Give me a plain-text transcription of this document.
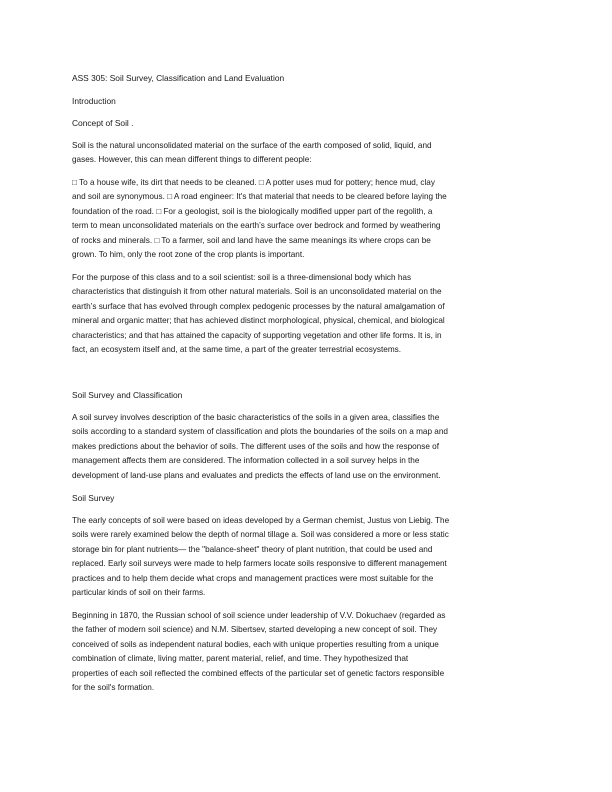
ASS 305: Soil Survey, Classification and Land Evaluation
Introduction
Concept of Soil .
Soil is the natural unconsolidated material on the surface of the earth composed of solid, liquid, and
gases. However, this can mean different things to different people:
□ To a house wife, its dirt that needs to be cleaned. □ A potter uses mud for pottery; hence mud, clay
and soil are synonymous. □ A road engineer: It's that material that needs to be cleared before laying the
foundation of the road. □ For a geologist, soil is the biologically modified upper part of the regolith, a
term to mean unconsolidated materials on the earth’s surface over bedrock and formed by weathering
of rocks and minerals. □ To a farmer, soil and land have the same meanings its where crops can be
grown. To him, only the root zone of the crop plants is important.
For the purpose of this class and to a soil scientist: soil is a three-dimensional body which has
characteristics that distinguish it from other natural materials. Soil is an unconsolidated material on the
earth’s surface that has evolved through complex pedogenic processes by the natural amalgamation of
mineral and organic matter; that has achieved distinct morphological, physical, chemical, and biological
characteristics; and that has attained the capacity of supporting vegetation and other life forms. It is, in
fact, an ecosystem itself and, at the same time, a part of the greater terrestrial ecosystems.
Soil Survey and Classification
A soil survey involves description of the basic characteristics of the soils in a given area, classifies the
soils according to a standard system of classification and plots the boundaries of the soils on a map and
makes predictions about the behavior of soils. The different uses of the soils and how the response of
management affects them are considered. The information collected in a soil survey helps in the
development of land-use plans and evaluates and predicts the effects of land use on the environment.
Soil Survey
The early concepts of soil were based on ideas developed by a German chemist, Justus von Liebig. The
soils were rarely examined below the depth of normal tillage a. Soil was considered a more or less static
storage bin for plant nutrients— the "balance-sheet" theory of plant nutrition, that could be used and
replaced. Early soil surveys were made to help farmers locate soils responsive to different management
practices and to help them decide what crops and management practices were most suitable for the
particular kinds of soil on their farms.
Beginning in 1870, the Russian school of soil science under leadership of V.V. Dokuchaev (regarded as
the father of modern soil science) and N.M. Sibertsev, started developing a new concept of soil. They
conceived of soils as independent natural bodies, each with unique properties resulting from a unique
combination of climate, living matter, parent material, relief, and time. They hypothesized that
properties of each soil reflected the combined effects of the particular set of genetic factors responsible
for the soil's formation.
